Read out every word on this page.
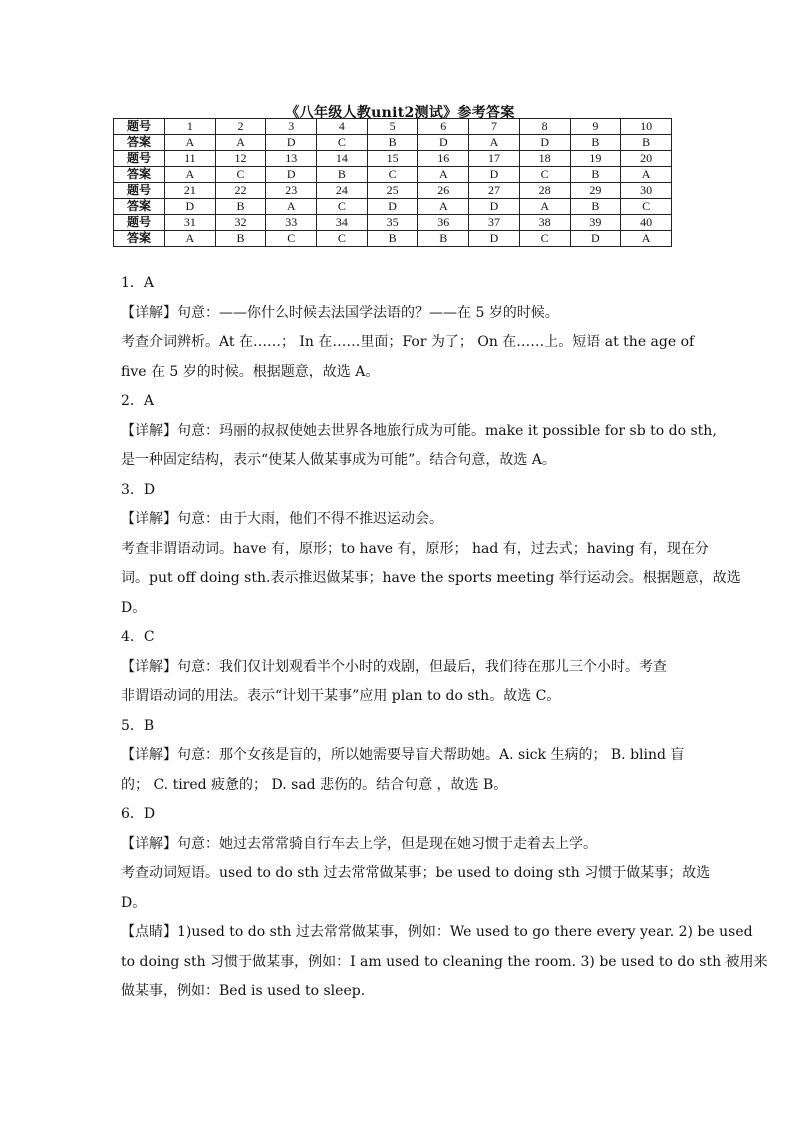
《八年级人教unit2测试》参考答案
题号	1	2	3	4	5	6	7	8	9	10
答案	A	A	D	C	B	D	A	D	B	B
题号	11	12	13	14	15	16	17	18	19	20
答案	A	C	D	B	C	A	D	C	B	A
题号	21	22	23	24	25	26	27	28	29	30
答案	D	B	A	C	D	A	D	A	B	C
题号	31	32	33	34	35	36	37	38	39	40
答案	A	B	C	C	B	B	D	C	D	A

1．A

【详解】句意：——你什么时候去法国学法语的？——在 5 岁的时候。

考查介词辨析。At 在……； In 在……里面；For 为了； On 在……上。短语 at the age of

five 在 5 岁的时候。根据题意，故选 A。

2．A

【详解】句意：玛丽的叔叔使她去世界各地旅行成为可能。make it possible for sb to do sth,

是一种固定结构，表示“使某人做某事成为可能”。结合句意，故选 A。

3．D

【详解】句意：由于大雨，他们不得不推迟运动会。

考查非谓语动词。have 有，原形；to have 有，原形； had 有，过去式；having 有，现在分

词。put off doing sth.表示推迟做某事；have the sports meeting 举行运动会。根据题意，故选

D。

4．C

【详解】句意：我们仅计划观看半个小时的戏剧，但最后，我们待在那儿三个小时。考查

非谓语动词的用法。表示“计划干某事”应用 plan to do sth。故选 C。

5．B

【详解】句意：那个女孩是盲的，所以她需要导盲犬帮助她。A. sick 生病的； B. blind 盲

的； C. tired 疲惫的； D. sad 悲伤的。结合句意 ，故选 B。

6．D

【详解】句意：她过去常常骑自行车去上学，但是现在她习惯于走着去上学。

考查动词短语。used to do sth 过去常常做某事；be used to doing sth 习惯于做某事；故选

D。

【点睛】1)used to do sth 过去常常做某事，例如：We used to go there every year. 2) be used

to doing sth 习惯于做某事，例如：I am used to cleaning the room. 3) be used to do sth 被用来

做某事，例如：Bed is used to sleep.
